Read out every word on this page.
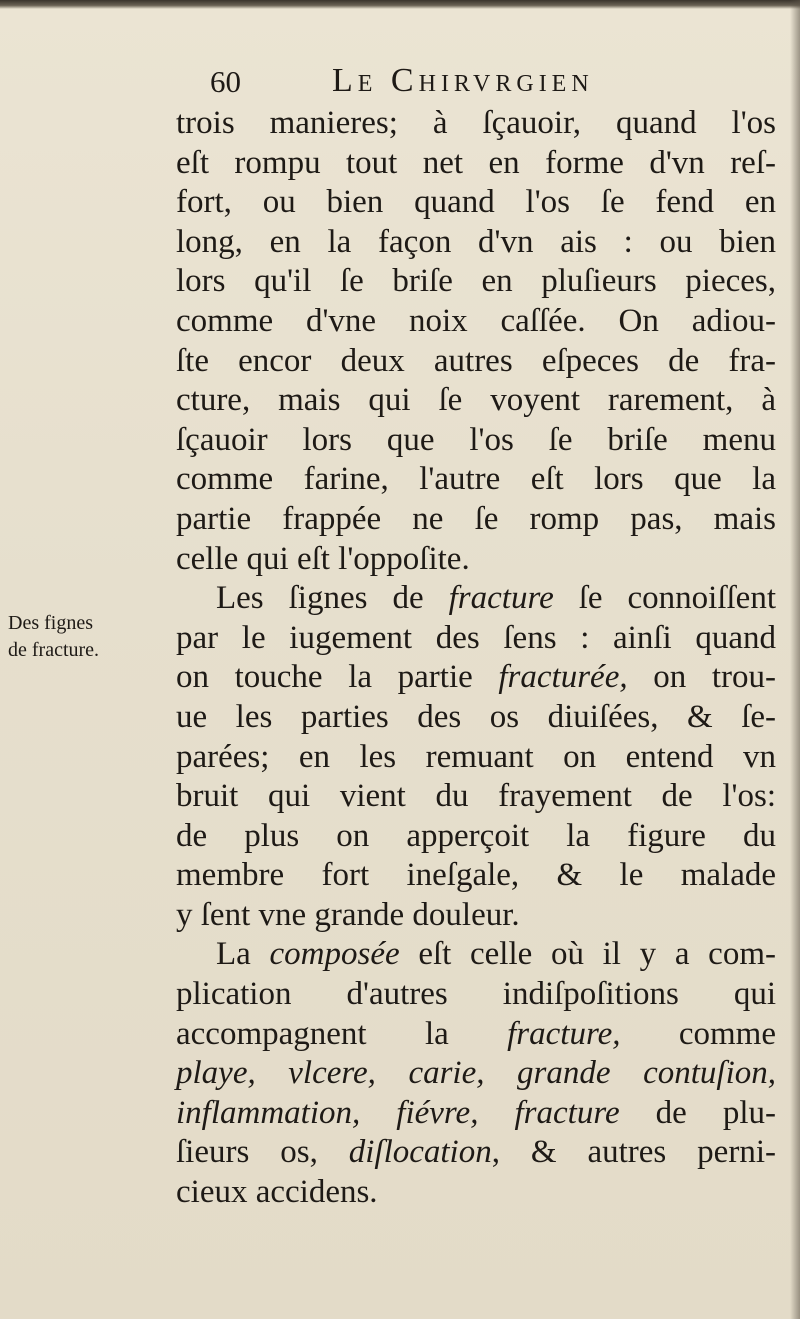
60	Le Chirvrgien
Des fignes
de fracture.
trois manieres; à ſçauoir, quand l'os
eſt rompu tout net en forme d'vn reſ-
fort, ou bien quand l'os ſe fend en
long, en la façon d'vn ais : ou bien
lors qu'il ſe briſe en pluſieurs pieces,
comme d'vne noix caſſée. On adiou-
ſte encor deux autres eſpeces de fra-
cture, mais qui ſe voyent rarement, à
ſçauoir lors que l'os ſe briſe menu
comme farine, l'autre eſt lors que la
partie frappée ne ſe romp pas, mais
celle qui eſt l'oppoſite.
Les ſignes de fracture ſe connoiſſent
par le iugement des ſens : ainſi quand
on touche la partie fracturée, on trou-
ue les parties des os diuiſées, & ſe-
parées; en les remuant on entend vn
bruit qui vient du frayement de l'os:
de plus on apperçoit la figure du
membre fort ineſgale, & le malade
y ſent vne grande douleur.
La composée eſt celle où il y a com-
plication d'autres indiſpoſitions qui
accompagnent la fracture, comme
playe, vlcere, carie, grande contuſion,
inflammation, fiévre, fracture de plu-
ſieurs os, diſlocation, & autres perni-
cieux accidens.
